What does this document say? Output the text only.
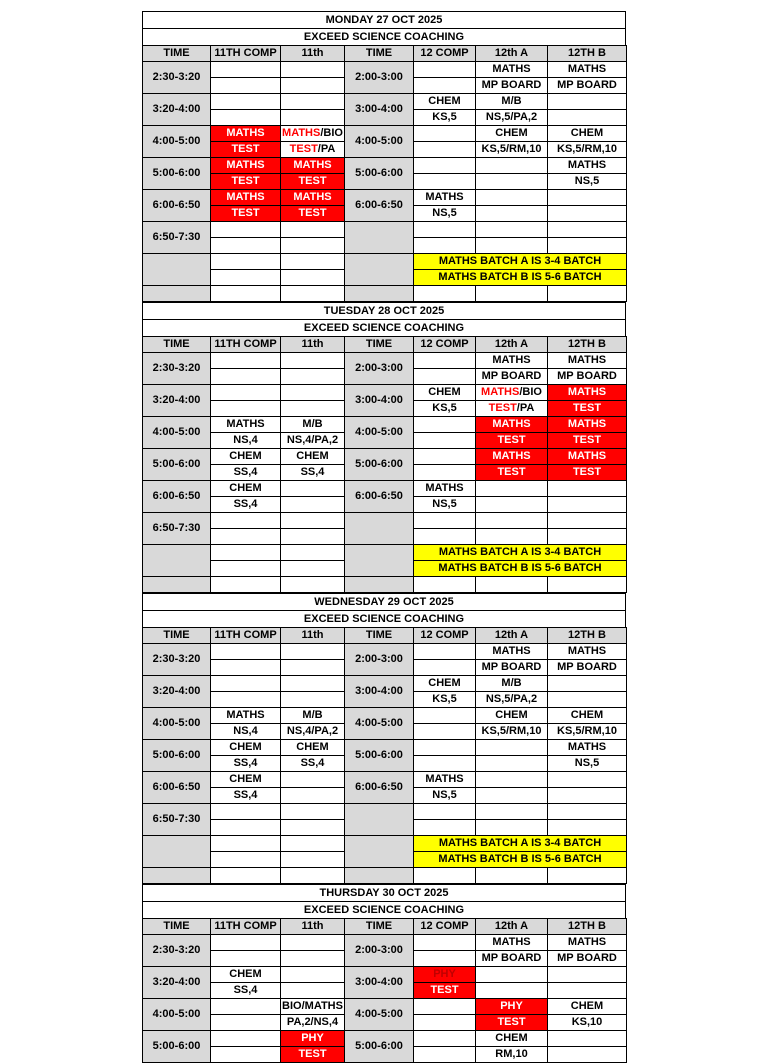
MONDAY 27 OCT 2025
EXCEED SCIENCE COACHING
TIME	11TH COMP	11th	TIME	12 COMP	12th A	12TH B
2:30-3:20			2:00-3:00		MATHS	MATHS
					MP BOARD	MP BOARD
3:20-4:00			3:00-4:00	CHEM	M/B	
				KS,5	NS,5/PA,2	
4:00-5:00	MATHS	MATHS/BIO	4:00-5:00		CHEM	CHEM
	TEST	TEST/PA			KS,5/RM,10	KS,5/RM,10
5:00-6:00	MATHS	MATHS	5:00-6:00			MATHS
	TEST	TEST				NS,5
6:00-6:50	MATHS	MATHS	6:00-6:50	MATHS		
	TEST	TEST		NS,5		
6:50-7:30						

				MATHS BATCH A IS 3-4 BATCH		
				MATHS BATCH B IS 5-6 BATCH		

TUESDAY 28 OCT 2025
EXCEED SCIENCE COACHING
TIME	11TH COMP	11th	TIME	12 COMP	12th A	12TH B
2:30-3:20			2:00-3:00		MATHS	MATHS
					MP BOARD	MP BOARD
3:20-4:00			3:00-4:00	CHEM	MATHS/BIO	MATHS
				KS,5	TEST/PA	TEST
4:00-5:00	MATHS	M/B	4:00-5:00		MATHS	MATHS
	NS,4	NS,4/PA,2			TEST	TEST
5:00-6:00	CHEM	CHEM	5:00-6:00		MATHS	MATHS
	SS,4	SS,4			TEST	TEST
6:00-6:50	CHEM		6:00-6:50	MATHS		
	SS,4			NS,5		
6:50-7:30						

				MATHS BATCH A IS 3-4 BATCH		
				MATHS BATCH B IS 5-6 BATCH		

WEDNESDAY 29 OCT 2025
EXCEED SCIENCE COACHING
TIME	11TH COMP	11th	TIME	12 COMP	12th A	12TH B
2:30-3:20			2:00-3:00		MATHS	MATHS
					MP BOARD	MP BOARD
3:20-4:00			3:00-4:00	CHEM	M/B	
				KS,5	NS,5/PA,2	
4:00-5:00	MATHS	M/B	4:00-5:00		CHEM	CHEM
	NS,4	NS,4/PA,2			KS,5/RM,10	KS,5/RM,10
5:00-6:00	CHEM	CHEM	5:00-6:00			MATHS
	SS,4	SS,4				NS,5
6:00-6:50	CHEM		6:00-6:50	MATHS		
	SS,4			NS,5		
6:50-7:30						

				MATHS BATCH A IS 3-4 BATCH		
				MATHS BATCH B IS 5-6 BATCH		

THURSDAY 30 OCT 2025
EXCEED SCIENCE COACHING
TIME	11TH COMP	11th	TIME	12 COMP	12th A	12TH B
2:30-3:20			2:00-3:00		MATHS	MATHS
					MP BOARD	MP BOARD
3:20-4:00	CHEM		3:00-4:00	PHY		
	SS,4			TEST		
4:00-5:00		BIO/MATHS	4:00-5:00		PHY	CHEM
		PA,2/NS,4			TEST	KS,10
5:00-6:00		PHY	5:00-6:00		CHEM	
		TEST			RM,10	
